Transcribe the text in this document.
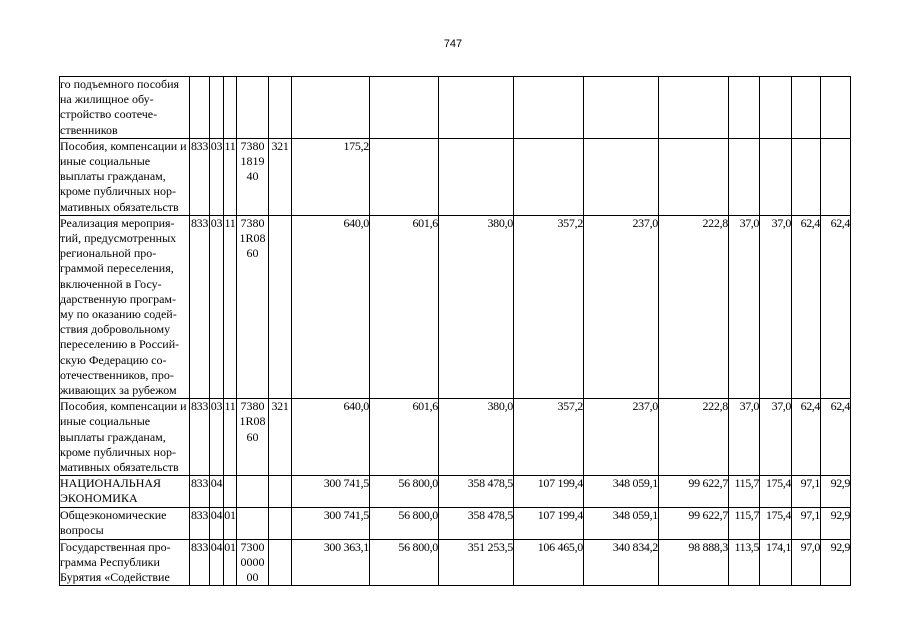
747
го подъемного пособия на жилищное обу-стройство соотече-ственников															
Пособия, компенсации и иные социальные выплаты гражданам, кроме публичных нор-мативных обязательств	833	03	11	7380 1819 40	321	175,2									
Реализация мероприя-тий, предусмотренных региональной про-граммой переселения, включенной в Госу-дарственную програм-му по оказанию содей-ствия добровольному переселению в Россий-скую Федерацию со-отечественников, про-живающих за рубежом	833	03	11	7380 1R08 60		640,0	601,6	380,0	357,2	237,0	222,8	37,0	37,0	62,4	62,4
Пособия, компенсации и иные социальные выплаты гражданам, кроме публичных нор-мативных обязательств	833	03	11	7380 1R08 60	321	640,0	601,6	380,0	357,2	237,0	222,8	37,0	37,0	62,4	62,4
НАЦИОНАЛЬНАЯ ЭКОНОМИКА	833	04				300 741,5	56 800,0	358 478,5	107 199,4	348 059,1	99 622,7	115,7	175,4	97,1	92,9
Общеэкономические вопросы	833	04	01			300 741,5	56 800,0	358 478,5	107 199,4	348 059,1	99 622,7	115,7	175,4	97,1	92,9
Государственная про-грамма Республики Бурятия «Содействие	833	04	01	7300 0000 00		300 363,1	56 800,0	351 253,5	106 465,0	340 834,2	98 888,3	113,5	174,1	97,0	92,9
